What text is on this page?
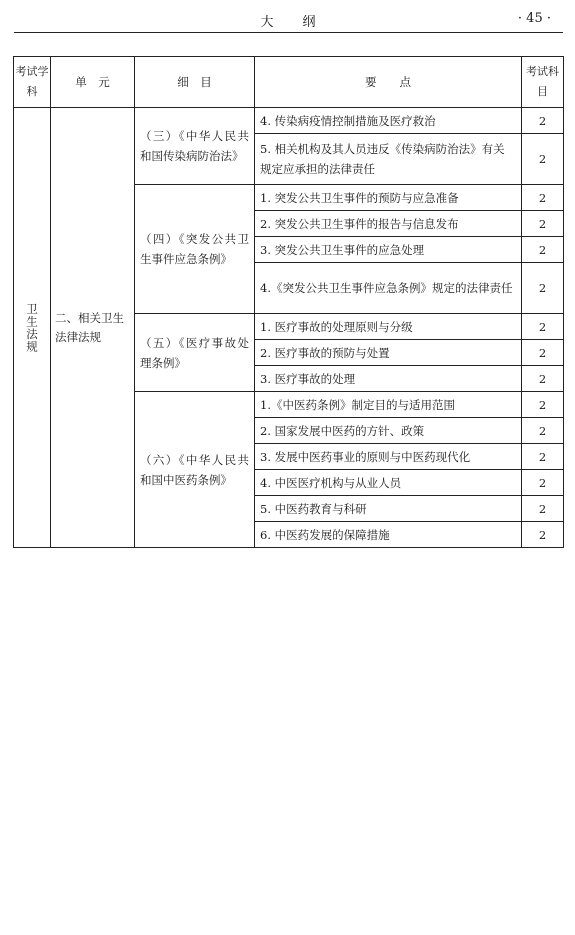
大　　纲	· 45 ·
考试学科	单　元	细　目	要　　点	考试科目
卫生法规	二、相关卫生法律法规	（三）《中华人民共和国传染病防治法》	4. 传染病疫情控制措施及医疗救治	2
			5. 相关机构及其人员违反《传染病防治法》有关规定应承担的法律责任	2
		（四）《突发公共卫生事件应急条例》	1. 突发公共卫生事件的预防与应急准备	2
			2. 突发公共卫生事件的报告与信息发布	2
			3. 突发公共卫生事件的应急处理	2
			4.《突发公共卫生事件应急条例》规定的法律责任	2
		（五）《医疗事故处理条例》	1. 医疗事故的处理原则与分级	2
			2. 医疗事故的预防与处置	2
			3. 医疗事故的处理	2
		（六）《中华人民共和国中医药条例》	1.《中医药条例》制定目的与适用范围	2
			2. 国家发展中医药的方针、政策	2
			3. 发展中医药事业的原则与中医药现代化	2
			4. 中医医疗机构与从业人员	2
			5. 中医药教育与科研	2
			6. 中医药发展的保障措施	2
